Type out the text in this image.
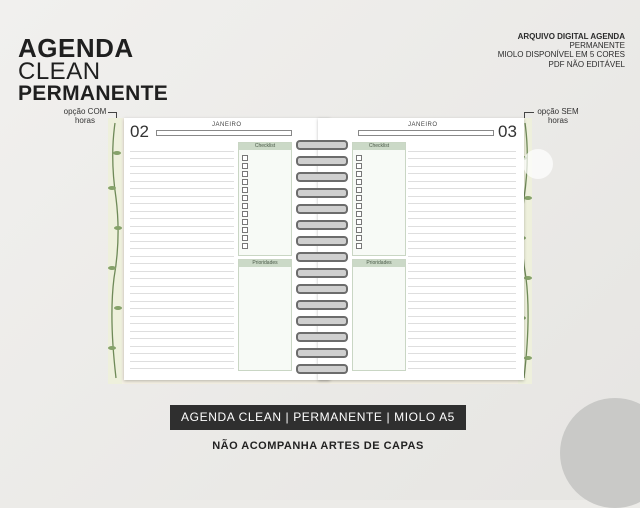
AGENDA
CLEAN
PERMANENTE
ARQUIVO DIGITAL AGENDA
PERMANENTE
MIOLO DISPONÍVEL EM 5 CORES
PDF NÃO EDITÁVEL
opção COM
horas
opção SEM
horas
02	JANEIRO
Checklist
Prioridades
03
JANEIRO
Checklist
Prioridades
AGENDA CLEAN | PERMANENTE | MIOLO A5
NÃO ACOMPANHA ARTES DE CAPAS
